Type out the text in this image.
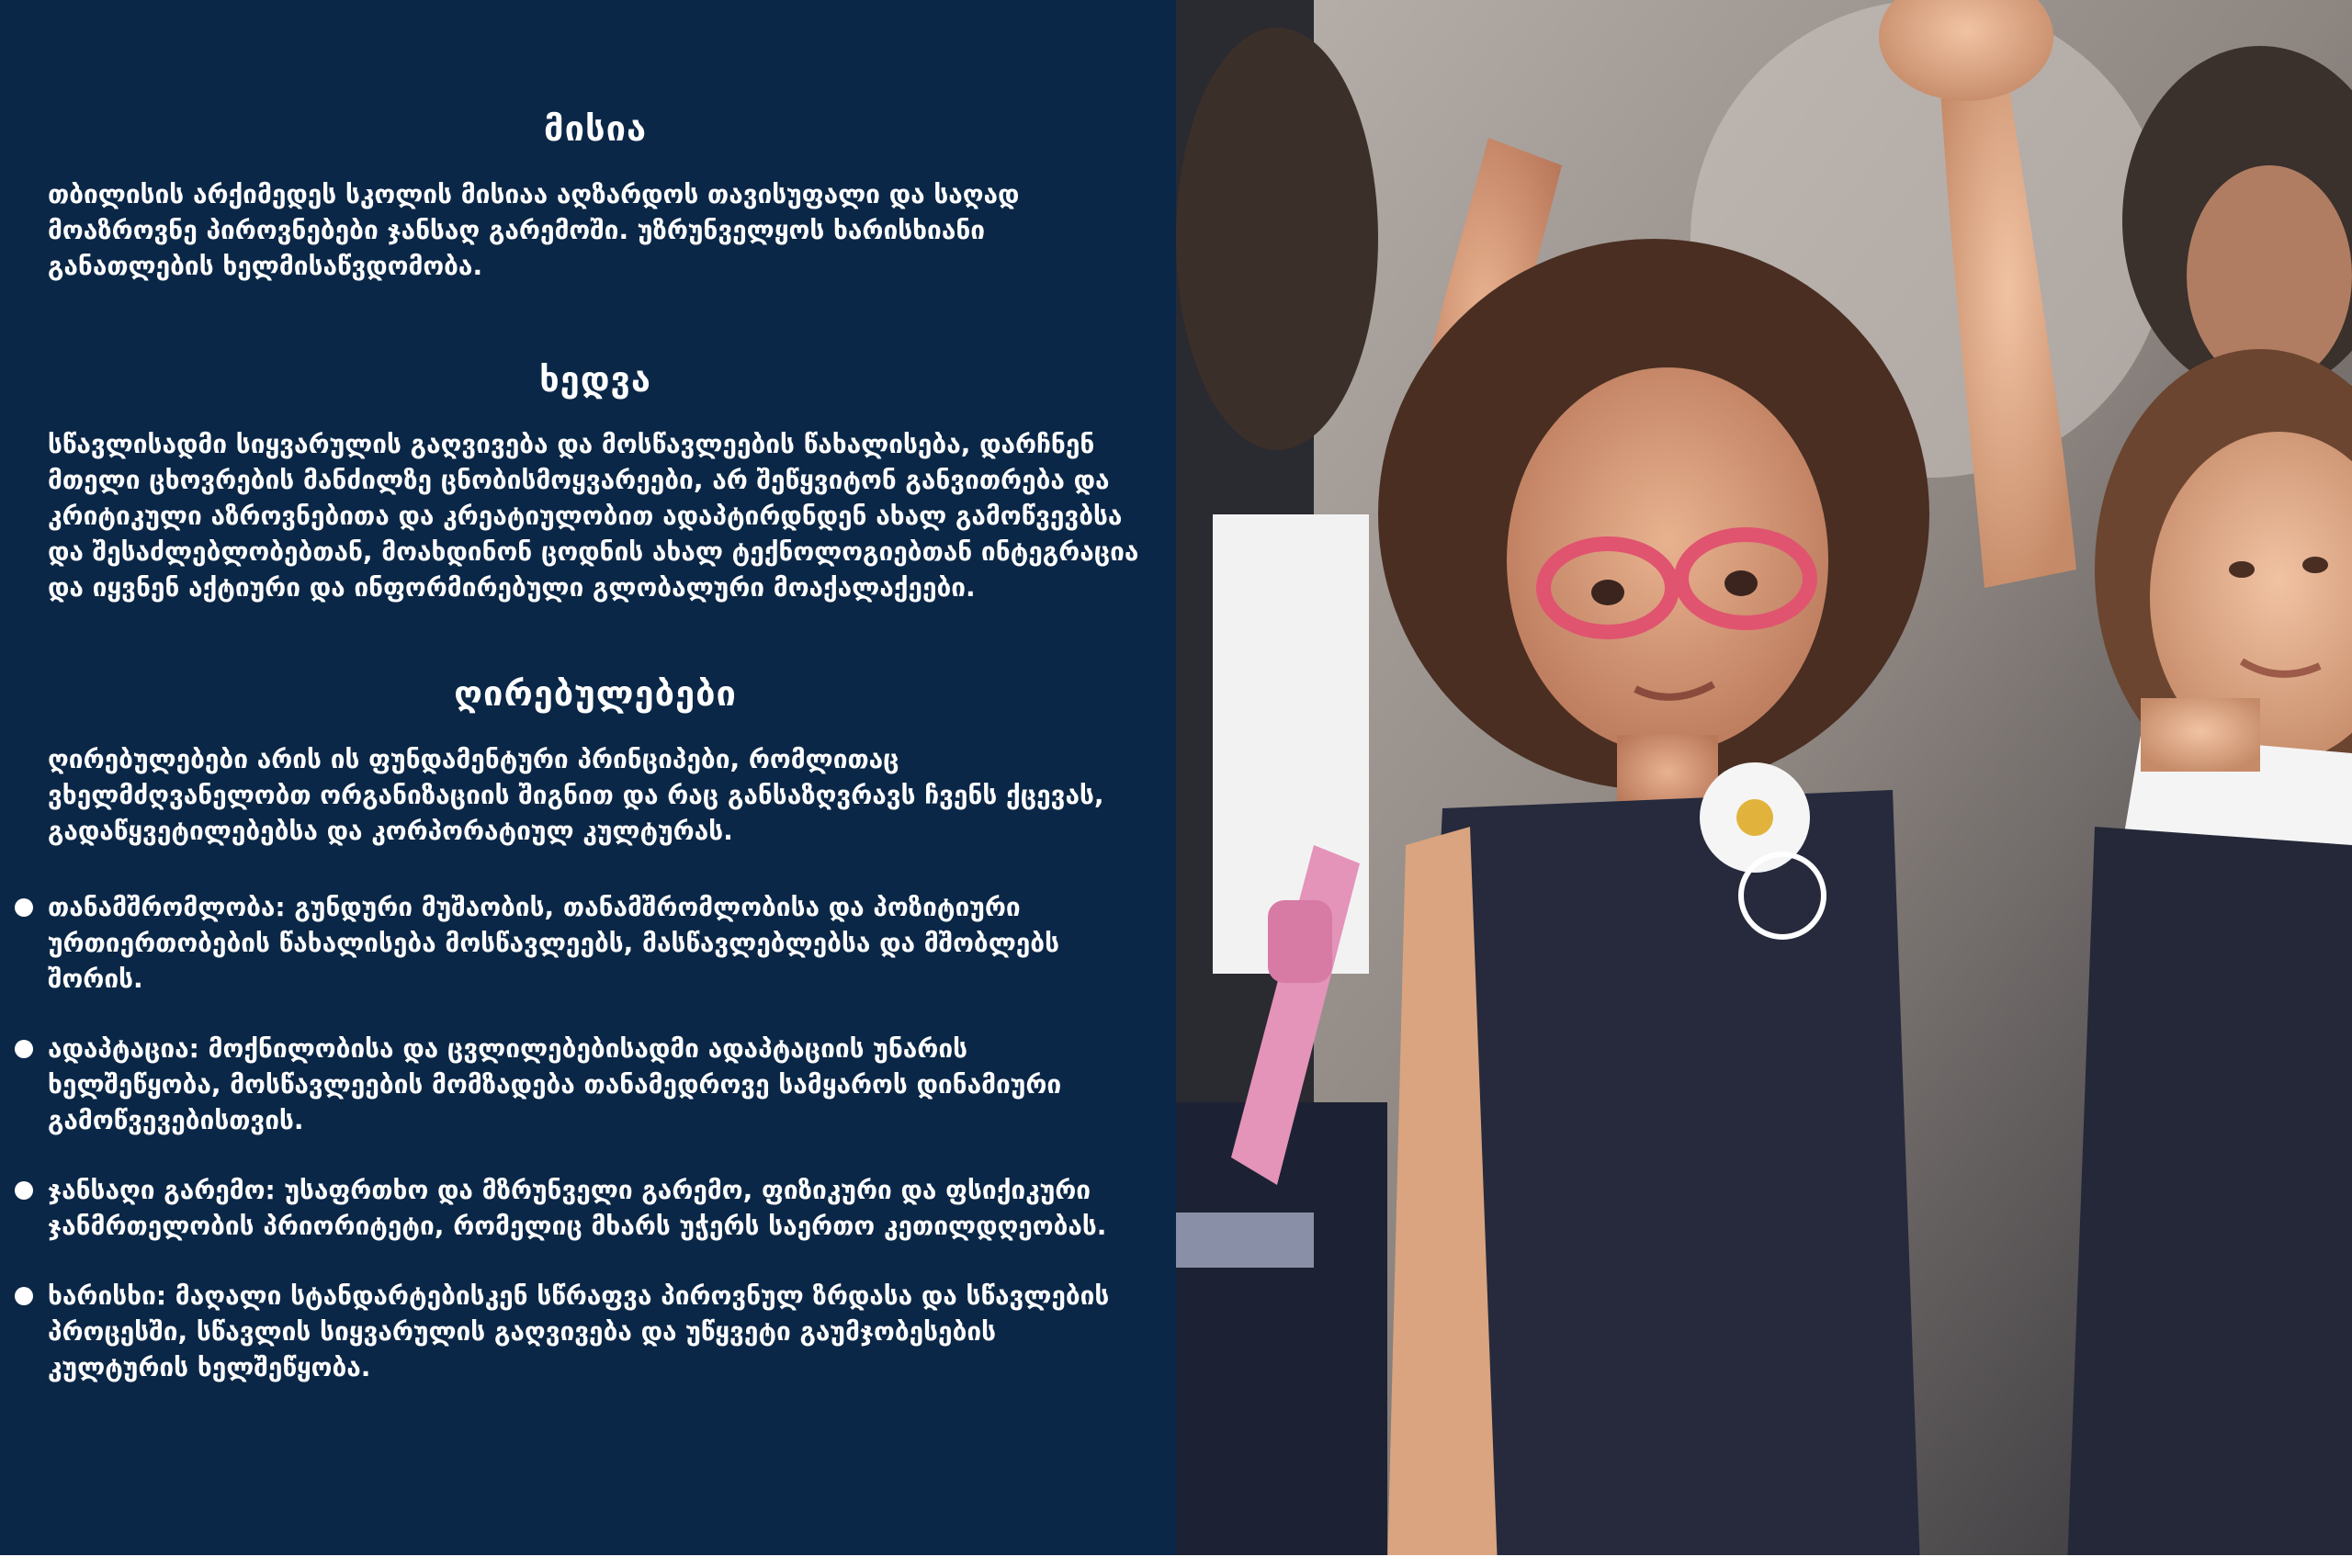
მისია

თბილისის არქიმედეს სკოლის მისიაა აღზარდოს თავისუფალი და საღად მოაზროვნე პიროვნებები ჯანსაღ გარემოში. უზრუნველყოს ხარისხიანი განათლების ხელმისაწვდომობა.

ხედვა

სწავლისადმი სიყვარულის გაღვივება და მოსწავლეების წახალისება, დარჩნენ მთელი ცხოვრების მანძილზე ცნობისმოყვარეები, არ შეწყვიტონ განვითრება და კრიტიკული აზროვნებითა და კრეატიულობით ადაპტირდნდენ ახალ გამოწვევბსა და შესაძლებლობებთან, მოახდინონ ცოდნის ახალ ტექნოლოგიებთან ინტეგრაცია და იყვნენ აქტიური და ინფორმირებული გლობალური მოაქალაქეები.

ღირებულებები

ღირებულებები არის ის ფუნდამენტური პრინციპები, რომლითაც ვხელმძღვანელობთ ორგანიზაციის შიგნით და რაც განსაზღვრავს ჩვენს ქცევას, გადაწყვეტილებებსა და კორპორატიულ კულტურას.

თანამშრომლობა: გუნდური მუშაობის, თანამშრომლობისა და პოზიტიური ურთიერთობების წახალისება მოსწავლეებს, მასწავლებლებსა და მშობლებს შორის.
ადაპტაცია: მოქნილობისა და ცვლილებებისადმი ადაპტაციის უნარის ხელშეწყობა, მოსწავლეების მომზადება თანამედროვე სამყაროს დინამიური გამოწვევებისთვის.
ჯანსაღი გარემო: უსაფრთხო და მზრუნველი გარემო, ფიზიკური და ფსიქიკური ჯანმრთელობის პრიორიტეტი, რომელიც მხარს უჭერს საერთო კეთილდღეობას.
ხარისხი: მაღალი სტანდარტებისკენ სწრაფვა პიროვნულ ზრდასა და სწავლების პროცესში, სწავლის სიყვარულის გაღვივება და უწყვეტი გაუმჯობესების კულტურის ხელშეწყობა.
